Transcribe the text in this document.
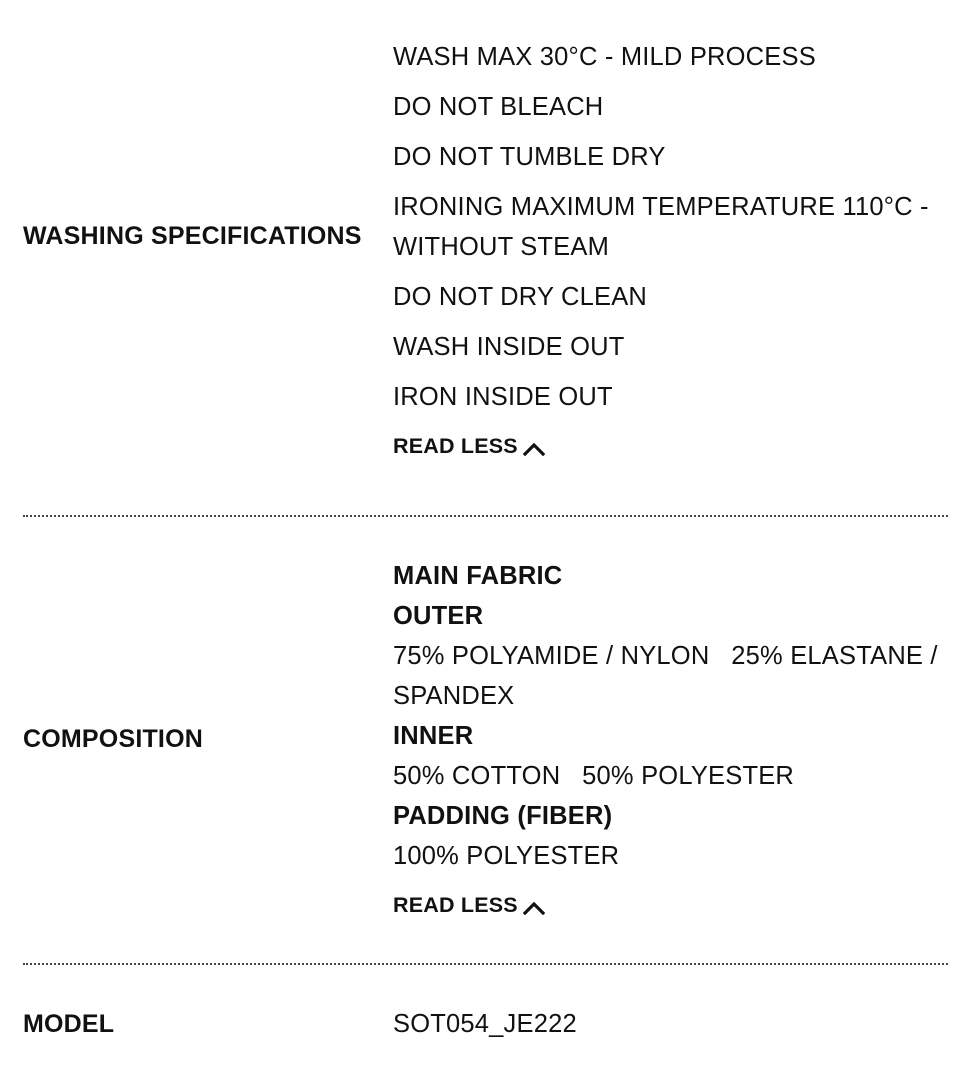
WASHING SPECIFICATIONS
WASH MAX 30°C - MILD PROCESS
DO NOT BLEACH
DO NOT TUMBLE DRY
IRONING MAXIMUM TEMPERATURE 110°C - WITHOUT STEAM
DO NOT DRY CLEAN
WASH INSIDE OUT
IRON INSIDE OUT
READ LESS
COMPOSITION
MAIN FABRIC
OUTER
75% POLYAMIDE / NYLON   25% ELASTANE / SPANDEX
INNER
50% COTTON   50% POLYESTER
PADDING (FIBER)
100% POLYESTER
READ LESS
MODEL	SOT054_JE222
